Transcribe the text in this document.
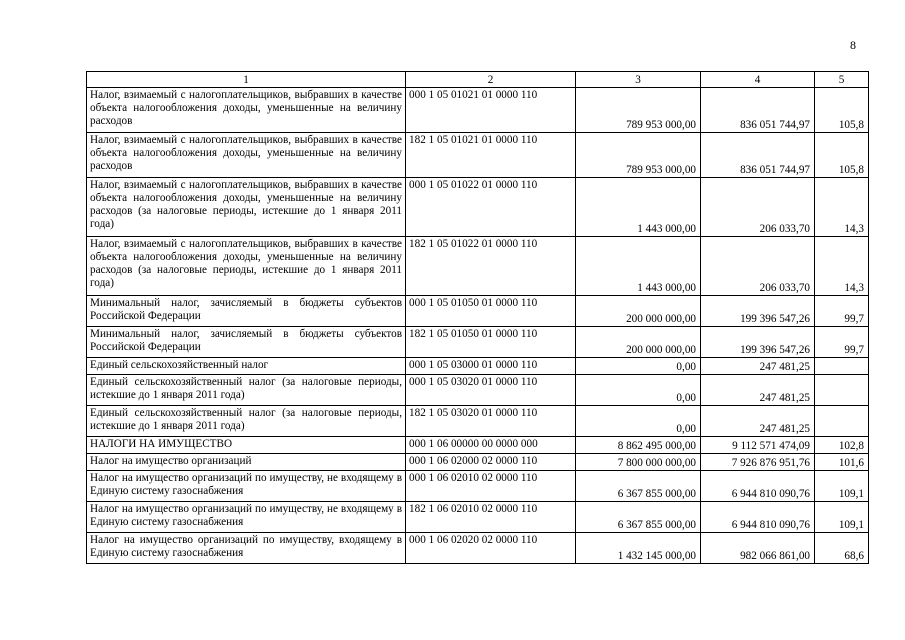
8
1	2	3	4	5
Налог, взимаемый с налогоплательщиков, выбравших в качестве объекта налогообложения доходы, уменьшенные на величину расходов	000 1 05 01021 01 0000 110	789 953 000,00	836 051 744,97	105,8
Налог, взимаемый с налогоплательщиков, выбравших в качестве объекта налогообложения доходы, уменьшенные на величину расходов	182 1 05 01021 01 0000 110	789 953 000,00	836 051 744,97	105,8
Налог, взимаемый с налогоплательщиков, выбравших в качестве объекта налогообложения доходы, уменьшенные на величину расходов (за налоговые периоды, истекшие до 1 января 2011 года)	000 1 05 01022 01 0000 110	1 443 000,00	206 033,70	14,3
Налог, взимаемый с налогоплательщиков, выбравших в качестве объекта налогообложения доходы, уменьшенные на величину расходов (за налоговые периоды, истекшие до 1 января 2011 года)	182 1 05 01022 01 0000 110	1 443 000,00	206 033,70	14,3
Минимальный налог, зачисляемый в бюджеты субъектов Российской Федерации	000 1 05 01050 01 0000 110	200 000 000,00	199 396 547,26	99,7
Минимальный налог, зачисляемый в бюджеты субъектов Российской Федерации	182 1 05 01050 01 0000 110	200 000 000,00	199 396 547,26	99,7
Единый сельскохозяйственный налог	000 1 05 03000 01 0000 110	0,00	247 481,25	
Единый сельскохозяйственный налог (за налоговые периоды, истекшие до 1 января 2011 года)	000 1 05 03020 01 0000 110	0,00	247 481,25	
Единый сельскохозяйственный налог (за налоговые периоды, истекшие до 1 января 2011 года)	182 1 05 03020 01 0000 110	0,00	247 481,25	
НАЛОГИ НА ИМУЩЕСТВО	000 1 06 00000 00 0000 000	8 862 495 000,00	9 112 571 474,09	102,8
Налог на имущество организаций	000 1 06 02000 02 0000 110	7 800 000 000,00	7 926 876 951,76	101,6
Налог на имущество организаций по имуществу, не входящему в Единую систему газоснабжения	000 1 06 02010 02 0000 110	6 367 855 000,00	6 944 810 090,76	109,1
Налог на имущество организаций по имуществу, не входящему в Единую систему газоснабжения	182 1 06 02010 02 0000 110	6 367 855 000,00	6 944 810 090,76	109,1
Налог на имущество организаций по имуществу, входящему в Единую систему газоснабжения	000 1 06 02020 02 0000 110	1 432 145 000,00	982 066 861,00	68,6
